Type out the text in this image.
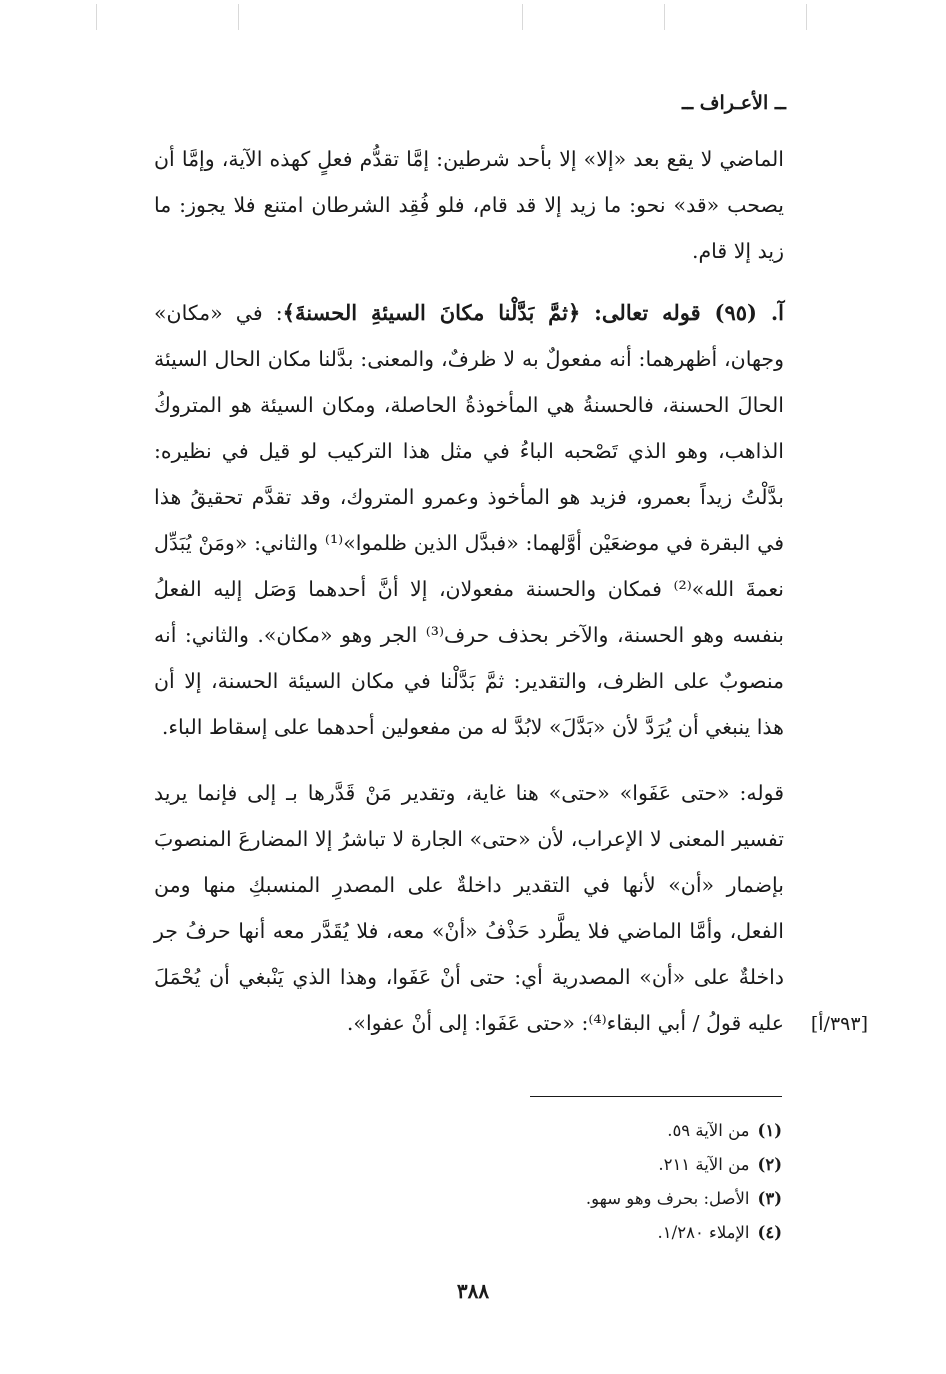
ــ الأعـراف ــ

الماضي لا يقع بعد «إلا» إلا بأحد شرطين: إمَّا تقدُّم فعلٍ كهذه الآية، وإمَّا أن يصحب «قد» نحو: ما زيد إلا قد قام، فلو فُقِد الشرطان امتنع فلا يجوز: ما زيد إلا قام.

آ. (٩٥) قوله تعالى: ﴿ثمَّ بَدَّلْنا مكانَ السيئةِ الحسنةَ﴾: في «مكان» وجهان، أظهرهما: أنه مفعولٌ به لا ظرفٌ، والمعنى: بدَّلنا مكان الحال السيئة الحالَ الحسنة، فالحسنةُ هي المأخوذةُ الحاصلة، ومكان السيئة هو المتروكُ الذاهب، وهو الذي تَصْحبه الباءُ في مثل هذا التركيب لو قيل في نظيره: بدَّلْتُ زيداً بعمرو، فزيد هو المأخوذ وعمرو المتروك، وقد تقدَّم تحقيقُ هذا في البقرة في موضعَيْن أوَّلهما: «فبدَّل الذين ظلموا»⁽¹⁾ والثاني: «ومَنْ يُبَدِّل نعمةَ الله»⁽²⁾ فمكان والحسنة مفعولان، إلا أنَّ أحدهما وَصَل إليه الفعلُ بنفسه وهو الحسنة، والآخر بحذف حرف⁽³⁾ الجر وهو «مكان». والثاني: أنه منصوبٌ على الظرف، والتقدير: ثمَّ بَدَّلْنا في مكان السيئة الحسنة، إلا أن هذا ينبغي أن يُرَدَّ لأن «بَدَّلَ» لابُدَّ له من مفعولين أحدهما على إسقاط الباء.

قوله: «حتى عَفَوا» «حتى» هنا غاية، وتقدير مَنْ قَدَّرها بـ إلى فإنما يريد تفسير المعنى لا الإعراب، لأن «حتى» الجارة لا تباشرُ إلا المضارعَ المنصوبَ بإضمار «أن» لأنها في التقدير داخلةٌ على المصدرِ المنسبكِ منها ومن الفعل، وأمَّا الماضي فلا يطَّرد حَذْفُ «أنْ» معه، فلا يُقَدَّر معه أنها حرفُ جر داخلةٌ على «أن» المصدرية أي: حتى أنْ عَفَوا، وهذا الذي يَنْبغي أن يُحْمَلَ عليه قولُ / أبي البقاء⁽⁴⁾: «حتى عَفَوا: إلى أنْ عفوا». [٣٩٣/أ]

(١)من الآية ٥٩.

(٢)من الآية ٢١١.

(٣)الأصل: بحرف وهو سهو.

(٤)الإملاء ١/٢٨٠.

٣٨٨
